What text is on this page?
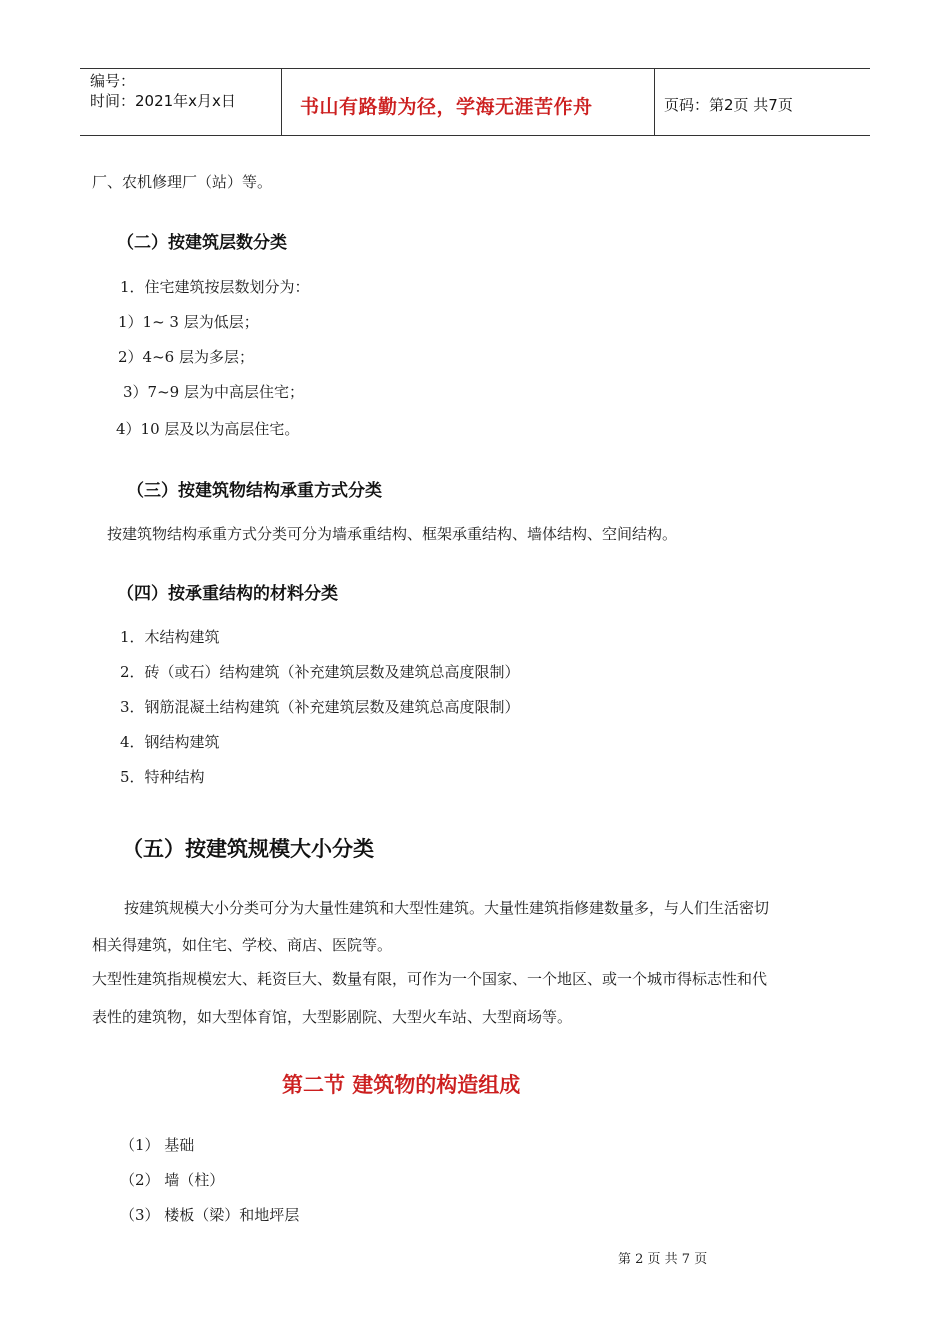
编号：
时间：2021年x月x日	书山有路勤为径，学海无涯苦作舟	页码：第2页 共7页
厂、农机修理厂（站）等。
（二）按建筑层数分类
1．住宅建筑按层数划分为：
1）1~ 3 层为低层；
2）4~6 层为多层；
3）7~9 层为中高层住宅；
4）10 层及以为高层住宅。
（三）按建筑物结构承重方式分类
按建筑物结构承重方式分类可分为墙承重结构、框架承重结构、墙体结构、空间结构。
（四）按承重结构的材料分类
1．木结构建筑
2．砖（或石）结构建筑（补充建筑层数及建筑总高度限制）
3．钢筋混凝土结构建筑（补充建筑层数及建筑总高度限制）
4．钢结构建筑
5．特种结构
（五）按建筑规模大小分类
按建筑规模大小分类可分为大量性建筑和大型性建筑。大量性建筑指修建数量多，与人们生活密切
相关得建筑，如住宅、学校、商店、医院等。
大型性建筑指规模宏大、耗资巨大、数量有限，可作为一个国家、一个地区、或一个城市得标志性和代
表性的建筑物，如大型体育馆，大型影剧院、大型火车站、大型商场等。
第二节 建筑物的构造组成
（1） 基础
（2） 墙（柱）
（3） 楼板（梁）和地坪层
第 2 页 共 7 页
